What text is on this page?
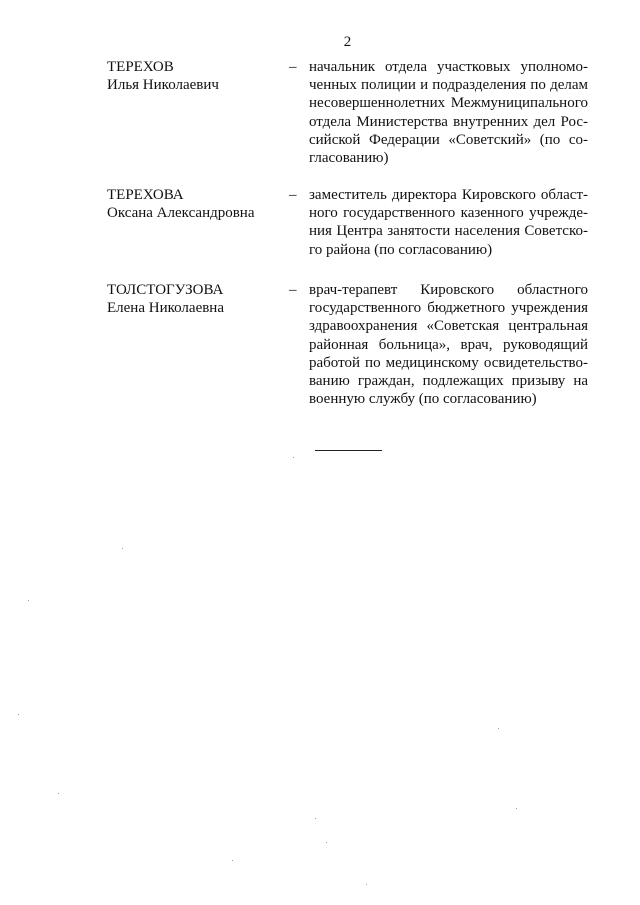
2
ТЕРЕХОВ
Илья Николаевич
– начальник отдела участковых уполномо-
ченных полиции и подразделения по делам
несовершеннолетних Межмуниципального
отдела Министерства внутренних дел Рос-
сийской Федерации «Советский» (по со-
гласованию)
ТЕРЕХОВА
Оксана Александровна
– заместитель директора Кировского област-
ного государственного казенного учрежде-
ния Центра занятости населения Советско-
го района (по согласованию)
ТОЛСТОГУЗОВА
Елена Николаевна
– врач-терапевт Кировского областного
государственного бюджетного учреждения
здравоохранения «Советская центральная
районная больница», врач, руководящий
работой по медицинскому освидетельство-
ванию граждан, подлежащих призыву на
военную службу (по согласованию)
